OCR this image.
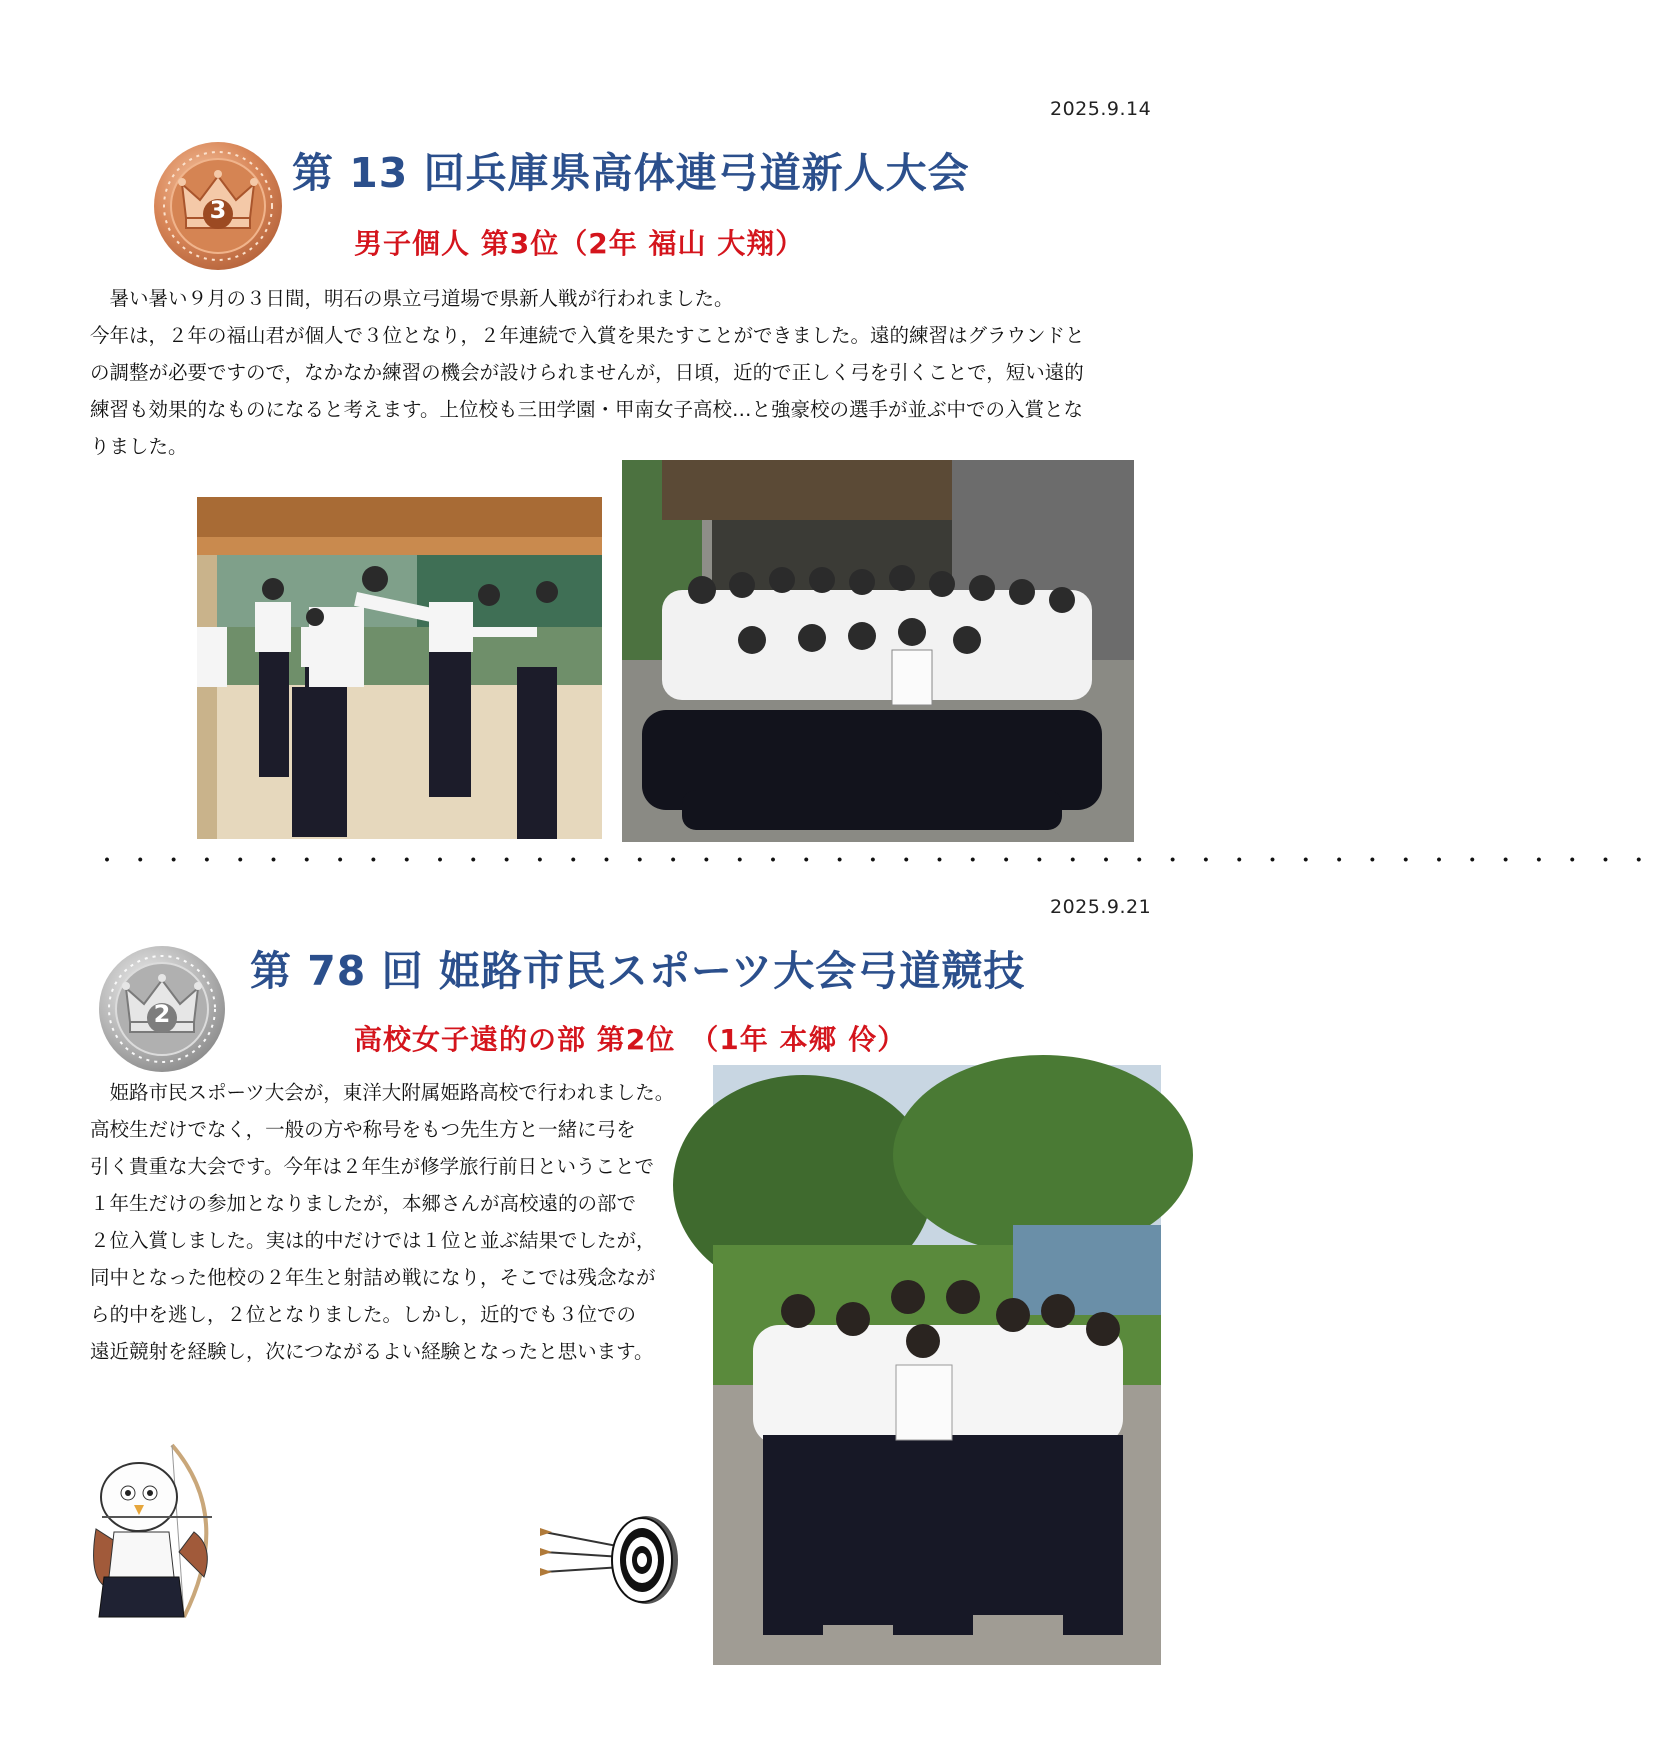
2025.9.14
3
第 13 回兵庫県高体連弓道新人大会
男子個人 第3位（2年 福山 大翔）

　暑い暑い９月の３日間，明石の県立弓道場で県新人戦が行われました。

今年は，２年の福山君が個人で３位となり，２年連続で入賞を果たすことができました。遠的練習はグラウンドと

の調整が必要ですので，なかなか練習の機会が設けられませんが，日頃，近的で正しく弓を引くことで，短い遠的

練習も効果的なものになると考えます。上位校も三田学園・甲南女子高校…と強豪校の選手が並ぶ中での入賞とな

りました。

・・・・・・・・・・・・・・・・・・・・・・・・・・・・・・・・・・・・・・・・・・・・・・・
2025.9.21
2
第 78 回 姫路市民スポーツ大会弓道競技
高校女子遠的の部 第2位　（1年 本郷 伶）

　姫路市民スポーツ大会が，東洋大附属姫路高校で行われました。

高校生だけでなく，一般の方や称号をもつ先生方と一緒に弓を

引く貴重な大会です。今年は２年生が修学旅行前日ということで

１年生だけの参加となりましたが，本郷さんが高校遠的の部で

２位入賞しました。実は的中だけでは１位と並ぶ結果でしたが，

同中となった他校の２年生と射詰め戦になり，そこでは残念なが

ら的中を逃し，２位となりました。しかし，近的でも３位での

遠近競射を経験し，次につながるよい経験となったと思います。
